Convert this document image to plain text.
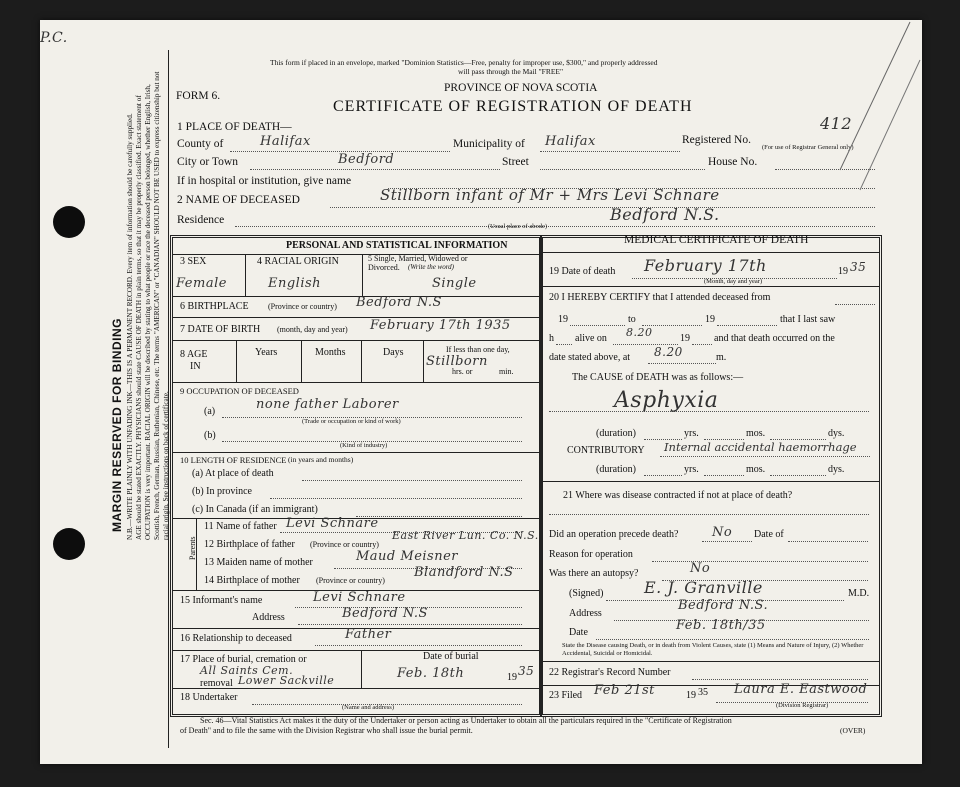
P.C.
MARGIN RESERVED FOR BINDING N.B.—WRITE PLAINLY WITH UNFADING INK—THIS IS A PERMANENT RECORD. Every item of information should be carefully supplied. AGE should be stated EXACTLY. PHYSICIANS should state CAUSE OF DEATH in plain terms, so that it may be properly classified. Exact statement of OCCUPATION is very important. RACIAL ORIGIN will be described by stating to what people or race the deceased person belonged, whether English, Irish, Scottish, French, German, Russian, Ruthenian, Chinese, etc. The terms "AMERICAN" or "CANADIAN" SHOULD NOT BE USED to express citizenship but not racial origin. See instructions on back of certificate.
This form if placed in an envelope, marked "Dominion Statistics—Free, penalty for improper use, $300," and properly addressed
will pass through the Mail "FREE"
PROVINCE OF NOVA SCOTIA
FORM 6.
CERTIFICATE OF REGISTRATION OF DEATH
1 PLACE OF DEATH—
County of	Halifax	Municipality of Halifax	Registered No.
412
(For use of Registrar General only)
City or Town	Bedford	Street	House No.
If in hospital or institution, give name
2 NAME OF DECEASED	Stillborn infant of Mr + Mrs Levi Schnare
Residence	Bedford N.S.
(Usual place of abode)
PERSONAL AND STATISTICAL INFORMATION
3 SEX	4 RACIAL ORIGIN	5 Single, Married, Widowed or
Divorced. (Write the word)
Female	English	Single
6 BIRTHPLACE (Province or country) Bedford N.S
7 DATE OF BIRTH (month, day and year) February 17th 1935
8 AGE
IN
Years	Months	Days	If less than one day,
Stillborn
hrs. or	min.
9 OCCUPATION OF DECEASED
(a)	none father Laborer
(Trade or occupation or kind of work)
(b)
(Kind of industry)
10 LENGTH OF RESIDENCE (in years and months)
(a) At place of death
(b) In province
(c) In Canada (if an immigrant)
Parents
11 Name of father Levi Schnare
12 Birthplace of father (Province or country)
East River Lun. Co. N.S.
13 Maiden name of mother	Maud Meisner
14 Birthplace of mother (Province or country)
Blandford N.S
15 Informant's name	Levi Schnare
Address	Bedford N.S
16 Relationship to deceased	Father
17 Place of burial, cremation or
removal
All Saints Cem.
Lower Sackville
Date of burial
Feb. 18th	19 35
18 Undertaker
(Name and address)
MEDICAL CERTIFICATE OF DEATH
19 Date of death February 17th	19 35
(Month, day and year)
20 I HEREBY CERTIFY that I attended deceased from
19	to	19	that I last saw
h alive on 8.20	19 and that death occurred on the
date stated above, at 8.20	m.
The CAUSE of DEATH was as follows:—
Asphyxia
(duration)	yrs.	mos.	dys.
CONTRIBUTORY Internal accidental haemorrhage
(duration)	yrs.	mos.	dys.
21 Where was disease contracted if not at place of death?
Did an operation precede death?	No Date of
Reason for operation
Was there an autopsy?	No
(Signed)	E. J. Granville	M.D.
Address
Bedford N.S.
Date	Feb. 18th/35
State the Disease causing Death, or in death from Violent Causes, state (1) Means and Nature of Injury, (2) Whether Accidental, Suicidal or Homicidal.
22 Registrar's Record Number
23 Filed Feb 21st	19 35 Laura E. Eastwood
(Division Registrar)
Sec. 46—Vital Statistics Act makes it the duty of the Undertaker or person acting as Undertaker to obtain all the particulars required in the "Certificate of Registration
of Death" and to file the same with the Division Registrar who shall issue the burial permit.	(OVER)
